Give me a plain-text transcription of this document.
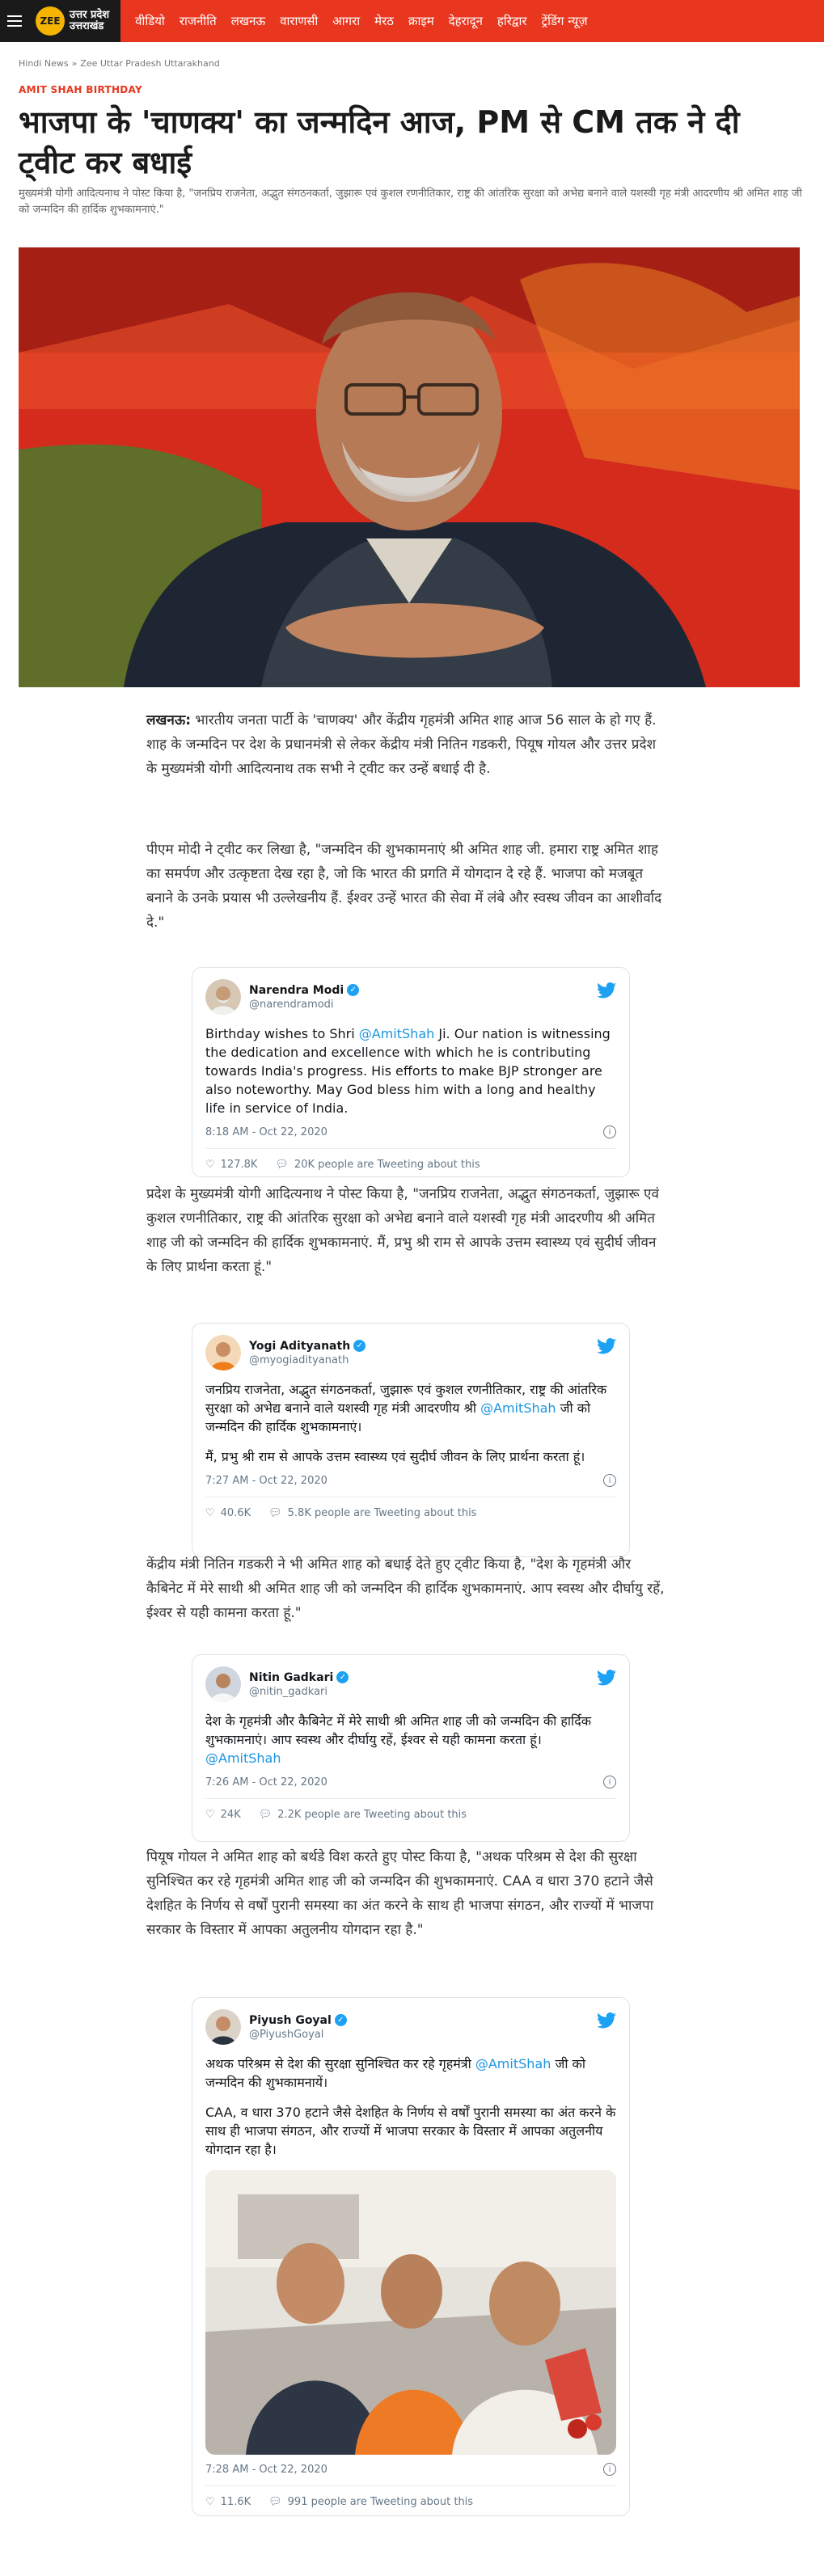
ZEE उत्तर प्रदेश
उत्तराखंड	वीडियो राजनीति लखनऊ वाराणसी आगरा मेरठ क्राइम देहरादून हरिद्वार ट्रेंडिंग न्यूज़
Hindi News » Zee Uttar Pradesh Uttarakhand
AMIT SHAH BIRTHDAY
भाजपा के 'चाणक्य' का जन्मदिन आज, PM से CM तक ने दी ट्वीट कर बधाई

मुख्यमंत्री योगी आदित्यनाथ ने पोस्ट किया है, "जनप्रिय राजनेता, अद्भुत संगठनकर्ता, जुझारू एवं कुशल रणनीतिकार, राष्ट्र की आंतरिक सुरक्षा को अभेद्य बनाने वाले यशस्वी गृह मंत्री आदरणीय श्री अमित शाह जी को जन्मदिन की हार्दिक शुभकामनाएं."

लखनऊ: भारतीय जनता पार्टी के 'चाणक्य' और केंद्रीय गृहमंत्री अमित शाह आज 56 साल के हो गए हैं. शाह के जन्मदिन पर देश के प्रधानमंत्री से लेकर केंद्रीय मंत्री नितिन गडकरी, पियूष गोयल और उत्तर प्रदेश के मुख्यमंत्री योगी आदित्यनाथ तक सभी ने ट्वीट कर उन्हें बधाई दी है.

पीएम मोदी ने ट्वीट कर लिखा है, "जन्मदिन की शुभकामनाएं श्री अमित शाह जी. हमारा राष्ट्र अमित शाह का समर्पण और उत्कृष्टता देख रहा है, जो कि भारत की प्रगति में योगदान दे रहे हैं. भाजपा को मजबूत बनाने के उनके प्रयास भी उल्लेखनीय हैं. ईश्वर उन्हें भारत की सेवा में लंबे और स्वस्थ जीवन का आशीर्वाद दे."

Narendra Modi ✓
@narendramodi
Birthday wishes to Shri @AmitShah Ji. Our nation is witnessing the dedication and excellence with which he is contributing towards India's progress. His efforts to make BJP stronger are also noteworthy. May God bless him with a long and healthy life in service of India.
8:18 AM - Oct 22, 2020	i
♡ 127.8K 💬︎ 20K people are Tweeting about this

प्रदेश के मुख्यमंत्री योगी आदित्यनाथ ने पोस्ट किया है, "जनप्रिय राजनेता, अद्भुत संगठनकर्ता, जुझारू एवं कुशल रणनीतिकार, राष्ट्र की आंतरिक सुरक्षा को अभेद्य बनाने वाले यशस्वी गृह मंत्री आदरणीय श्री अमित शाह जी को जन्मदिन की हार्दिक शुभकामनाएं. मैं, प्रभु श्री राम से आपके उत्तम स्वास्थ्य एवं सुदीर्घ जीवन के लिए प्रार्थना करता हूं."

Yogi Adityanath ✓
@myogiadityanath
जनप्रिय राजनेता, अद्भुत संगठनकर्ता, जुझारू एवं कुशल रणनीतिकार, राष्ट्र की आंतरिक सुरक्षा को अभेद्य बनाने वाले यशस्वी गृह मंत्री आदरणीय श्री @AmitShah जी को जन्मदिन की हार्दिक शुभकामनाएं।
मैं, प्रभु श्री राम से आपके उत्तम स्वास्थ्य एवं सुदीर्घ जीवन के लिए प्रार्थना करता हूं।
7:27 AM - Oct 22, 2020	i
♡ 40.6K 💬︎ 5.8K people are Tweeting about this

केंद्रीय मंत्री नितिन गडकरी ने भी अमित शाह को बधाई देते हुए ट्वीट किया है, "देश के गृहमंत्री और कैबिनेट में मेरे साथी श्री अमित शाह जी को जन्मदिन की हार्दिक शुभकामनाएं. आप स्वस्थ और दीर्घायु रहें, ईश्वर से यही कामना करता हूं."

Nitin Gadkari ✓
@nitin_gadkari
देश के गृहमंत्री और कैबिनेट में मेरे साथी श्री अमित शाह जी को जन्मदिन की हार्दिक शुभकामनाएं। आप स्वस्थ और दीर्घायु रहें, ईश्वर से यही कामना करता हूं। @AmitShah
7:26 AM - Oct 22, 2020	i
♡ 24K 💬︎ 2.2K people are Tweeting about this

पियूष गोयल ने अमित शाह को बर्थडे विश करते हुए पोस्ट किया है, "अथक परिश्रम से देश की सुरक्षा सुनिश्चित कर रहे गृहमंत्री अमित शाह जी को जन्मदिन की शुभकामनाएं. CAA व धारा 370 हटाने जैसे देशहित के निर्णय से वर्षों पुरानी समस्या का अंत करने के साथ ही भाजपा संगठन, और राज्यों में भाजपा सरकार के विस्तार में आपका अतुलनीय योगदान रहा है."

Piyush Goyal ✓
@PiyushGoyal
अथक परिश्रम से देश की सुरक्षा सुनिश्चित कर रहे गृहमंत्री @AmitShah जी को जन्मदिन की शुभकामनायें।
CAA, व धारा 370 हटाने जैसे देशहित के निर्णय से वर्षों पुरानी समस्या का अंत करने के साथ ही भाजपा संगठन, और राज्यों में भाजपा सरकार के विस्तार में आपका अतुलनीय योगदान रहा है।
7:28 AM - Oct 22, 2020	i
♡ 11.6K 💬︎ 991 people are Tweeting about this
